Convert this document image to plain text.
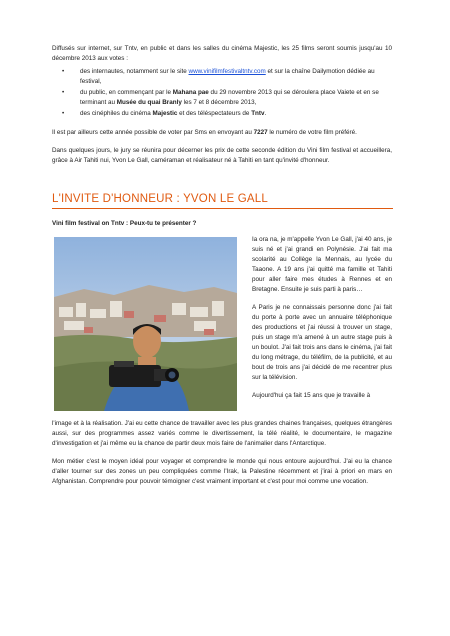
Diffusés sur internet, sur Tntv, en public et dans les salles du cinéma Majestic, les 25 films seront soumis jusqu'au 10 décembre 2013 aux votes :

•	des internautes, notamment sur le site www.vinifilmfestivaltntv.com et sur la chaîne Dailymotion dédiée au festival,
•	du public, en commençant par le Mahana pae du 29 novembre 2013 qui se déroulera place Vaiete et en se terminant au Musée du quai Branly les 7 et 8 décembre 2013,
•	des cinéphiles du cinéma Majestic et des téléspectateurs de Tntv.

Il est par ailleurs cette année possible de voter par Sms en envoyant au 7227 le numéro de votre film préféré.

Dans quelques jours, le jury se réunira pour décerner les prix de cette seconde édition du Vini film festival et accueillera, grâce à Air Tahiti nui, Yvon Le Gall, caméraman et réalisateur né à Tahiti en tant qu'invité d'honneur.

L'INVITE D'HONNEUR : YVON LE GALL
Vini film festival on Tntv : Peux-tu te présenter ?

Ia ora na, je m'appelle Yvon Le Gall, j'ai 40 ans, je suis né et j'ai grandi en Polynésie. J'ai fait ma scolarité au Collège la Mennais, au lycée du Taaone. A 19 ans j'ai quitté ma famille et Tahiti pour aller faire mes études à Rennes et en Bretagne. Ensuite je suis parti à paris…

A Paris je ne connaissais personne donc j'ai fait du porte à porte avec un annuaire téléphonique des productions et j'ai réussi à trouver un stage, puis un stage m'a amené à un autre stage puis à un boulot. J'ai fait trois ans dans le cinéma, j'ai fait du long métrage, du téléfilm, de la publicité, et au bout de trois ans j'ai décidé de me recentrer plus sur la télévision.

Aujourd'hui ça fait 15 ans que je travaille à

l'image et à la réalisation. J'ai eu cette chance de travailler avec les plus grandes chaines françaises, quelques étrangères aussi, sur des programmes assez variés comme le divertissement, la télé réalité, le documentaire, le magazine d'investigation et j'ai même eu la chance de partir deux mois faire de l'animalier dans l'Antarctique.

Mon métier c'est le moyen idéal pour voyager et comprendre le monde qui nous entoure aujourd'hui. J'ai eu la chance d'aller tourner sur des zones un peu compliquées comme l'Irak, la Palestine récemment et j'irai à priori en mars en Afghanistan. Comprendre pour pouvoir témoigner c'est vraiment important et c'est pour moi comme une vocation.
